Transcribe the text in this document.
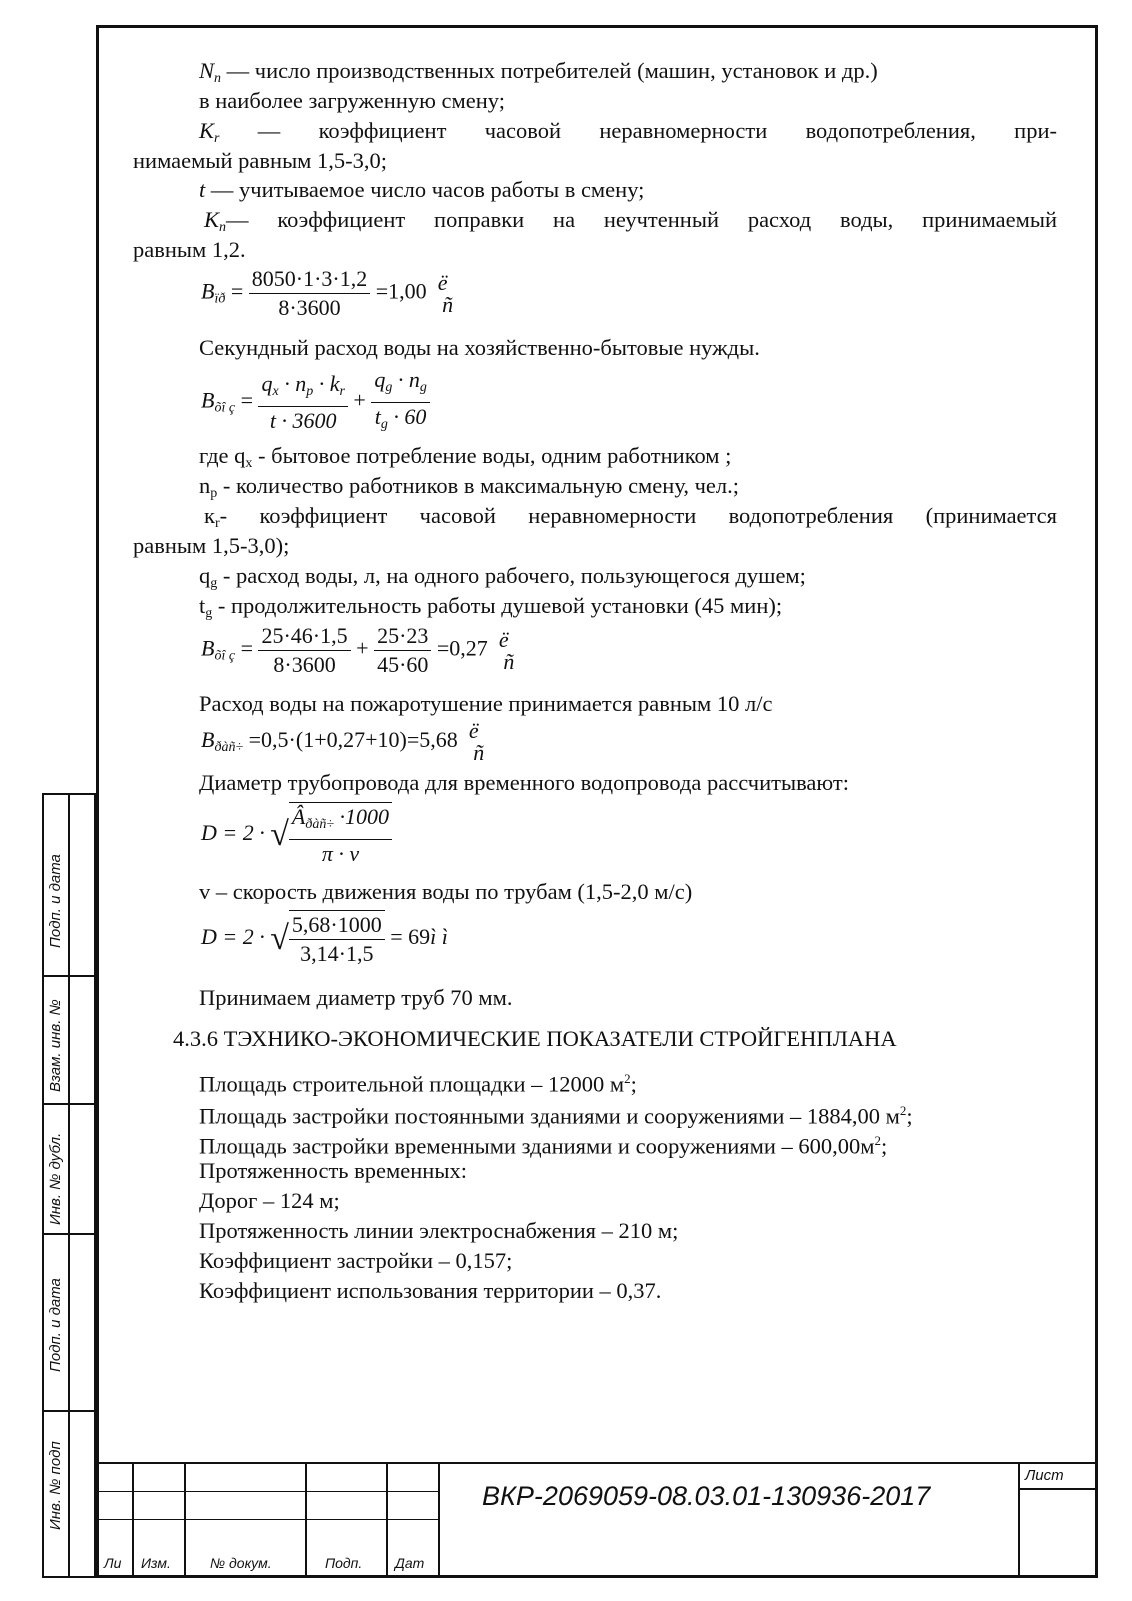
Подп. и дата
Взам. инв. №
Инв. № дубл.
Подп. и дата
Инв. № подп
$N_n$ — число производственных потребителей (машин, установок и др.)
в наиболее загруженную смену;
$K_r$ — коэффициент часовой неравномерности водопотребления, при-
нимаемый равным 1,5-3,0;
t — учитываемое число часов работы в смену;
$K_n—$ коэффициент поправки на неучтенный расход воды, принимаемый
равным 1,2.
$B_{ïð} = \frac{8050\cdot 1\cdot 3\cdot 1,2}{8\cdot 3600} =1,00$ ë
ñ
Секундный расход воды на хозяйственно-бытовые нужды.
$B_{õî ç} = \frac{q_x \cdot n_p \cdot k_r}{t \cdot 3600} + \frac{q_g \cdot n_g}{t_g \cdot 60}$
где qx - бытовое потребление воды, одним работником ;
np - количество работников в максимальную смену, чел.;
кr- коэффициент часовой неравномерности водопотребления (принимается
равным 1,5-3,0);
qg - расход воды, л, на одного рабочего, пользующегося душем;
tg - продолжительность работы душевой установки (45 мин);
$B_{õî ç} = \frac{25\cdot 46\cdot 1,5}{8\cdot 3600} + \frac{25\cdot 23}{45\cdot 60} =0,27$ ë
ñ
Расход воды на пожаротушение принимается равным 10 л/с
$B_{ðàñ\div} =0,5\cdot(1+0,27+10)=5,68$ ë
ñ
Диаметр трубопровода для временного водопровода рассчитывают:
D = 2 · √ $\frac{Â_{ðàñ\div} \cdot 1000}{\pi \cdot \nu}$
v – скорость движения воды по трубам (1,5-2,0 м/с)
D = 2 · √ $\frac{5,68\cdot 1000}{3,14\cdot 1,5}$ = 69ì ì
Принимаем диаметр труб 70 мм.
4.3.6 ТЭХНИКО-ЭКОНОМИЧЕСКИЕ ПОКАЗАТЕЛИ СТРОЙГЕНПЛАНА
Площадь строительной площадки – 12000 $м^2$;
Площадь застройки постоянными зданиями и сооружениями – 1884,00 $м^2$;
Площадь застройки временными зданиями и сооружениями – $600,00м^2$;
Протяженность временных:
Дорог – 124 м;
Протяженность линии электроснабжения – 210 м;
Коэффициент застройки – 0,157;
Коэффициент использования территории – 0,37.
Ли Изм.	№ докум.	Подп. Дат
Лист
ВКР-2069059-08.03.01-130936-2017
